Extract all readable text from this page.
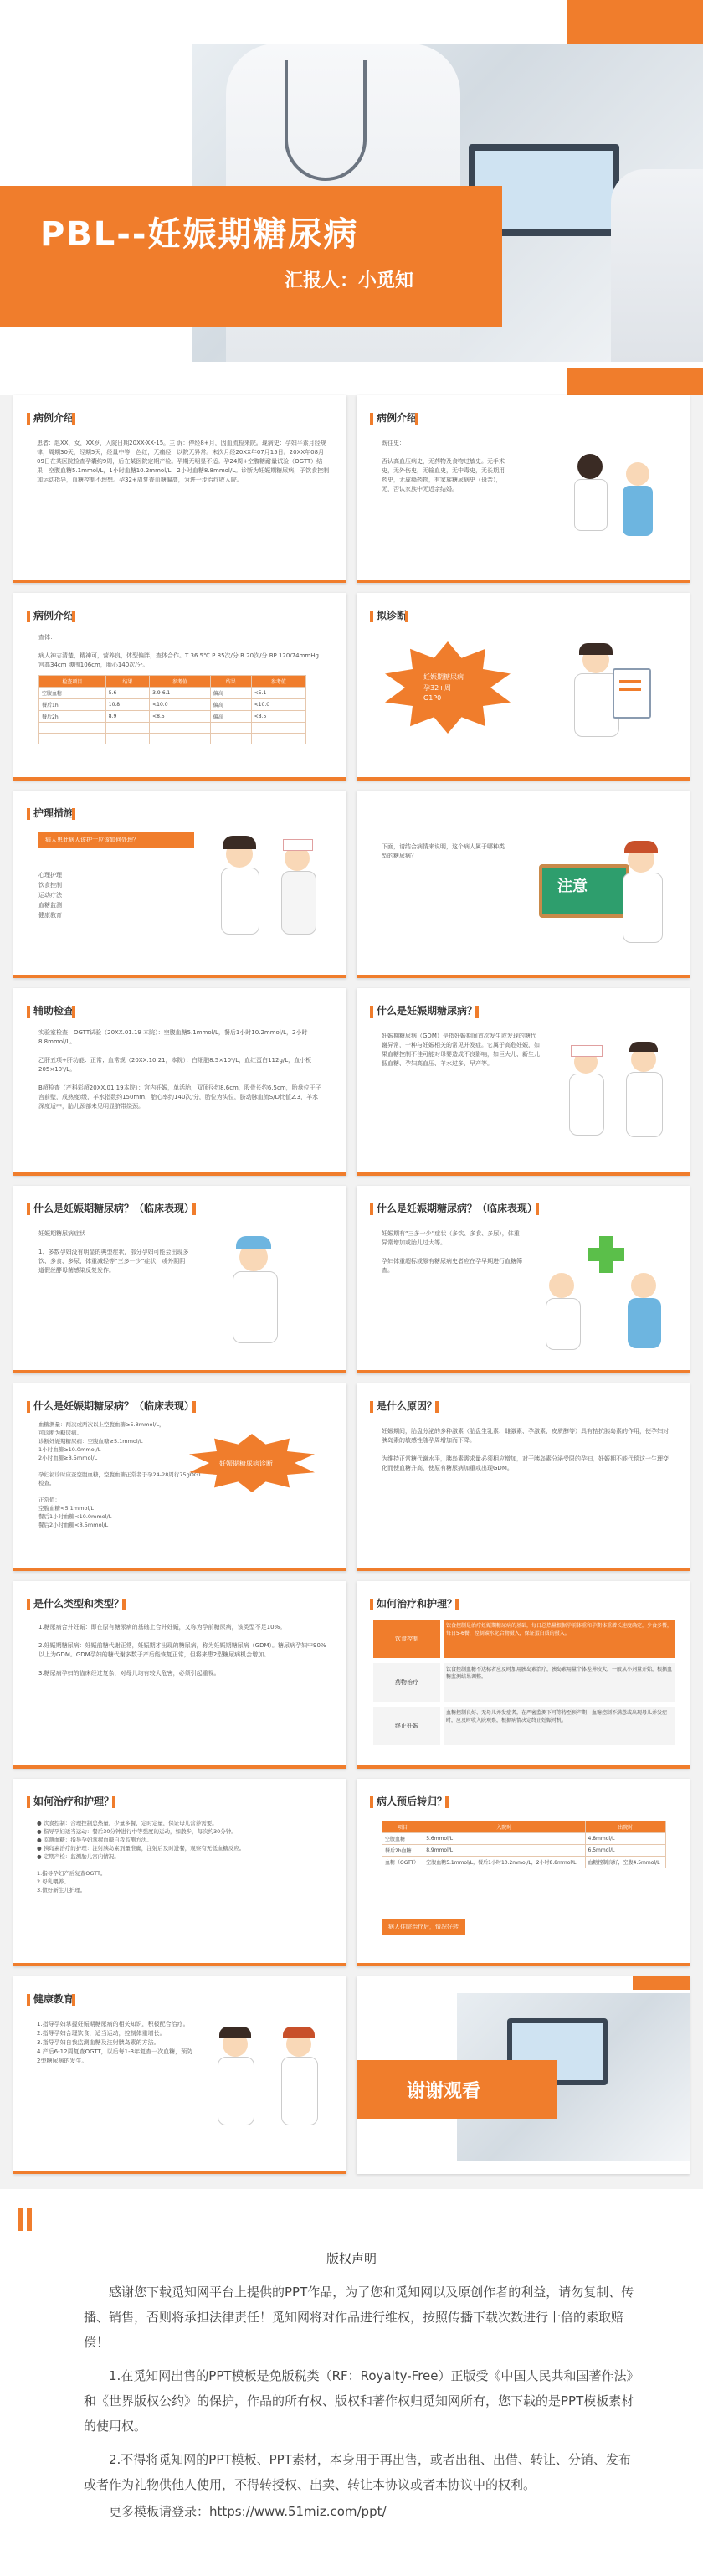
PBL--妊娠期糖尿病
汇报人：小觅知
病例介绍
患者：赵XX，女，XX岁，入院日期20XX-XX-15。主 诉：停经8+月，因血流检来院。现病史：孕妇平素月经规律，周期30天，经期5天，经量中等，色红，无痛经，以院无异常。末次月经20XX年07月15日。20XX年08月09日在某医院检查孕囊约9周，后在某医院定期产检。孕期无明显不适。孕24周+空腹糖耐量试验（OGTT）结果：空腹血糖5.1mmol/L，1小时血糖10.2mmol/L，2小时血糖8.8mmol/L。诊断为妊娠期糖尿病，予饮食控制加运动指导，血糖控制不理想。孕32+周复查血糖偏高，为进一步治疗收入院。
病例介绍
既往史：

否认高血压病史，无药物及食物过敏史。无手术史，无外伤史，无输血史，无中毒史，无长期用药史，无成瘾药物，有家族糖尿病史（母亲），无，否认家族中无近亲结婚。
病例介绍
查体：

病人神志清楚，精神可，营养良，体型偏胖，查体合作。T 36.5℃ P 85次/分 R 20次/分 BP 120/74mmHg 宫高34cm 腹围106cm，胎心140次/分。
检查项目	结果	参考值	结果	参考值
空腹血糖	5.6	3.9-6.1	偏高	<5.1
餐后1h	10.8	<10.0	偏高	<10.0
餐后2h	8.9	<8.5	偏高	<8.5

拟诊断
妊娠期糖尿病
孕32+周
G1P0
护理措施
病人患此病人该护士应该如何处理？
心理护理
饮食控制
运动疗法
血糖监测
健康教育
下面，请结合病情来说明，这个病人属于哪种类型的糖尿病？
注意
辅助检查
实验室检查：OGTT试验（20XX.01.19 本院）：空腹血糖5.1mmol/L，餐后1小时10.2mmol/L，2小时8.8mmol/L。

乙肝五项+肝功能：正常；血常规（20XX.10.21，本院）：白细胞8.5×10⁹/L，血红蛋白112g/L，血小板205×10⁹/L。

B超检查（产科彩超20XX.01.19本院）：宫内妊娠，单活胎，双顶径约8.6cm，股骨长约6.5cm，胎盘位于子宫前壁，成熟度Ⅰ级，羊水指数约150mm，胎心率约140次/分，胎位为头位，脐动脉血流S/D比值2.3，羊水深度适中，胎儿颈部未见明显脐带绕颈。
什么是妊娠期糖尿病？
妊娠期糖尿病（GDM）是指妊娠期间首次发生或发现的糖代谢异常，一种与妊娠相关的常见并发症。它属于高危妊娠，如果血糖控制不佳可能对母婴造成不良影响，如巨大儿、新生儿低血糖、孕妇高血压、羊水过多、早产等。
什么是妊娠期糖尿病？（临床表现）
妊娠期糖尿病症状

1、多数孕妇没有明显的典型症状，部分孕妇可能会出现多饮、多食、多尿、体重减轻等“三多一少”症状，或外阴阴道假丝酵母菌感染反复发作。
什么是妊娠期糖尿病？（临床表现）
妊娠期有“三多一少”症状（多饮、多食、多尿），体重异常增加或胎儿过大等。

孕妇体重超标或原有糖尿病史者应在孕早期进行血糖筛查。
什么是妊娠期糖尿病？（临床表现）
血糖测量：两次或两次以上空腹血糖≥5.8mmol/L，
可诊断为糖尿病。
诊断妊娠期糖尿病：空腹血糖≥5.1mmol/L
1小时血糖≥10.0mmol/L
2小时血糖≥8.5mmol/L

孕妇初诊时应查空腹血糖，空腹血糖正常者于孕24-28周行75gOGTT检查。

正常值：
空腹血糖<5.1mmol/L
餐后1小时血糖<10.0mmol/L
餐后2小时血糖<8.5mmol/L
妊娠期糖尿病诊断
是什么原因？
妊娠期间，胎盘分泌的多种激素（胎盘生乳素、雌激素、孕激素、皮质醇等）具有拮抗胰岛素的作用，使孕妇对胰岛素的敏感性随孕周增加而下降。

为维持正常糖代谢水平，胰岛素需求量必须相应增加，对于胰岛素分泌受限的孕妇，妊娠期不能代偿这一生理变化而使血糖升高，使原有糖尿病加重或出现GDM。
是什么类型和类型？
1.糖尿病合并妊娠：即在原有糖尿病的基础上合并妊娠，又称为孕前糖尿病，该类型不足10%。

2.妊娠期糖尿病：妊娠前糖代谢正常，妊娠期才出现的糖尿病，称为妊娠期糖尿病（GDM）。糖尿病孕妇中90%以上为GDM。GDM孕妇的糖代谢多数于产后能恢复正常，但将来患2型糖尿病机会增加。

3.糖尿病孕妇的临床经过复杂，对母儿均有较大危害，必须引起重视。
如何治疗和护理？
饮食控制
饮食控制是治疗妊娠期糖尿病的基础，每日总热量根据孕前体重和孕期体重增长速度确定，少食多餐，每日5-6餐，控制碳水化合物摄入，保证蛋白质的摄入。
药物治疗
饮食控制血糖不达标者应及时加用胰岛素治疗，胰岛素用量个体差异较大，一般从小剂量开始，根据血糖监测结果调整。
终止妊娠
血糖控制良好、无母儿并发症者，在严密监测下可等待至预产期；血糖控制不满意或出现母儿并发症时，应及时收入院观察，根据病情决定终止妊娠时机。
如何治疗和护理？
● 饮食控制：合理控制总热量，少量多餐，定时定量，保证母儿营养需要。
● 指导孕妇适当运动：餐后30分钟进行中等强度的运动，如散步，每次约30分钟。
● 监测血糖：指导孕妇掌握血糖自我监测方法。
● 胰岛素治疗的护理：注射胰岛素剂量准确，注射后及时进餐，观察有无低血糖反应。
● 定期产检：监测胎儿宫内情况。

1.指导孕妇产后复查OGTT。
2.母乳喂养。
3.做好新生儿护理。
病人预后转归？
项目	入院时	出院时
空腹血糖	5.6mmol/L	4.8mmol/L
餐后2h血糖	8.9mmol/L	6.5mmol/L
血糖（OGTT）	空腹血糖5.1mmol/L，餐后1小时10.2mmol/L，2小时8.8mmol/L	血糖控制良好，空腹4.5mmol/L
病人住院治疗后，情况好转
健康教育
1.指导孕妇掌握妊娠期糖尿病的相关知识，积极配合治疗。
2.指导孕妇合理饮食，适当运动，控制体重增长。
3.指导孕妇自我监测血糖及注射胰岛素的方法。
4.产后6-12周复查OGTT，以后每1-3年复查一次血糖，预防2型糖尿病的发生。
谢谢观看
版权声明
感谢您下载觅知网平台上提供的PPT作品，为了您和觅知网以及原创作者的利益，请勿复制、传播、销售，否则将承担法律责任！觅知网将对作品进行维权，按照传播下载次数进行十倍的索取赔偿！
1.在觅知网出售的PPT模板是免版税类（RF：Royalty-Free）正版受《中国人民共和国著作法》和《世界版权公约》的保护，作品的所有权、版权和著作权归觅知网所有，您下载的是PPT模板素材的使用权。
2.不得将觅知网的PPT模板、PPT素材，本身用于再出售，或者出租、出借、转让、分销、发布或者作为礼物供他人使用，不得转授权、出卖、转让本协议或者本协议中的权利。
更多模板请登录：https://www.51miz.com/ppt/
